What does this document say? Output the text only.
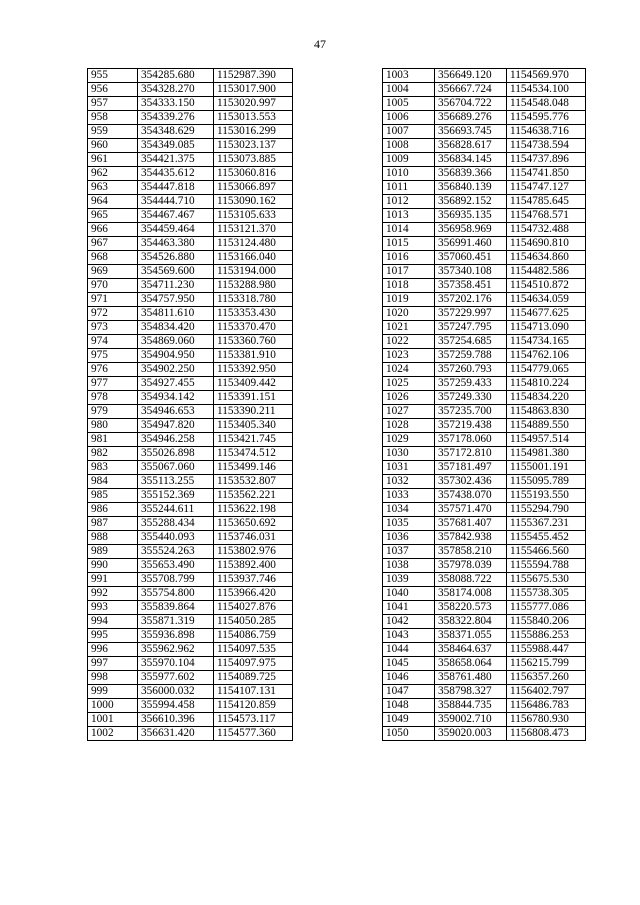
47
955	354285.680	1152987.390
956	354328.270	1153017.900
957	354333.150	1153020.997
958	354339.276	1153013.553
959	354348.629	1153016.299
960	354349.085	1153023.137
961	354421.375	1153073.885
962	354435.612	1153060.816
963	354447.818	1153066.897
964	354444.710	1153090.162
965	354467.467	1153105.633
966	354459.464	1153121.370
967	354463.380	1153124.480
968	354526.880	1153166.040
969	354569.600	1153194.000
970	354711.230	1153288.980
971	354757.950	1153318.780
972	354811.610	1153353.430
973	354834.420	1153370.470
974	354869.060	1153360.760
975	354904.950	1153381.910
976	354902.250	1153392.950
977	354927.455	1153409.442
978	354934.142	1153391.151
979	354946.653	1153390.211
980	354947.820	1153405.340
981	354946.258	1153421.745
982	355026.898	1153474.512
983	355067.060	1153499.146
984	355113.255	1153532.807
985	355152.369	1153562.221
986	355244.611	1153622.198
987	355288.434	1153650.692
988	355440.093	1153746.031
989	355524.263	1153802.976
990	355653.490	1153892.400
991	355708.799	1153937.746
992	355754.800	1153966.420
993	355839.864	1154027.876
994	355871.319	1154050.285
995	355936.898	1154086.759
996	355962.962	1154097.535
997	355970.104	1154097.975
998	355977.602	1154089.725
999	356000.032	1154107.131
1000	355994.458	1154120.859
1001	356610.396	1154573.117
1002	356631.420	1154577.360
1003	356649.120	1154569.970
1004	356667.724	1154534.100
1005	356704.722	1154548.048
1006	356689.276	1154595.776
1007	356693.745	1154638.716
1008	356828.617	1154738.594
1009	356834.145	1154737.896
1010	356839.366	1154741.850
1011	356840.139	1154747.127
1012	356892.152	1154785.645
1013	356935.135	1154768.571
1014	356958.969	1154732.488
1015	356991.460	1154690.810
1016	357060.451	1154634.860
1017	357340.108	1154482.586
1018	357358.451	1154510.872
1019	357202.176	1154634.059
1020	357229.997	1154677.625
1021	357247.795	1154713.090
1022	357254.685	1154734.165
1023	357259.788	1154762.106
1024	357260.793	1154779.065
1025	357259.433	1154810.224
1026	357249.330	1154834.220
1027	357235.700	1154863.830
1028	357219.438	1154889.550
1029	357178.060	1154957.514
1030	357172.810	1154981.380
1031	357181.497	1155001.191
1032	357302.436	1155095.789
1033	357438.070	1155193.550
1034	357571.470	1155294.790
1035	357681.407	1155367.231
1036	357842.938	1155455.452
1037	357858.210	1155466.560
1038	357978.039	1155594.788
1039	358088.722	1155675.530
1040	358174.008	1155738.305
1041	358220.573	1155777.086
1042	358322.804	1155840.206
1043	358371.055	1155886.253
1044	358464.637	1155988.447
1045	358658.064	1156215.799
1046	358761.480	1156357.260
1047	358798.327	1156402.797
1048	358844.735	1156486.783
1049	359002.710	1156780.930
1050	359020.003	1156808.473
